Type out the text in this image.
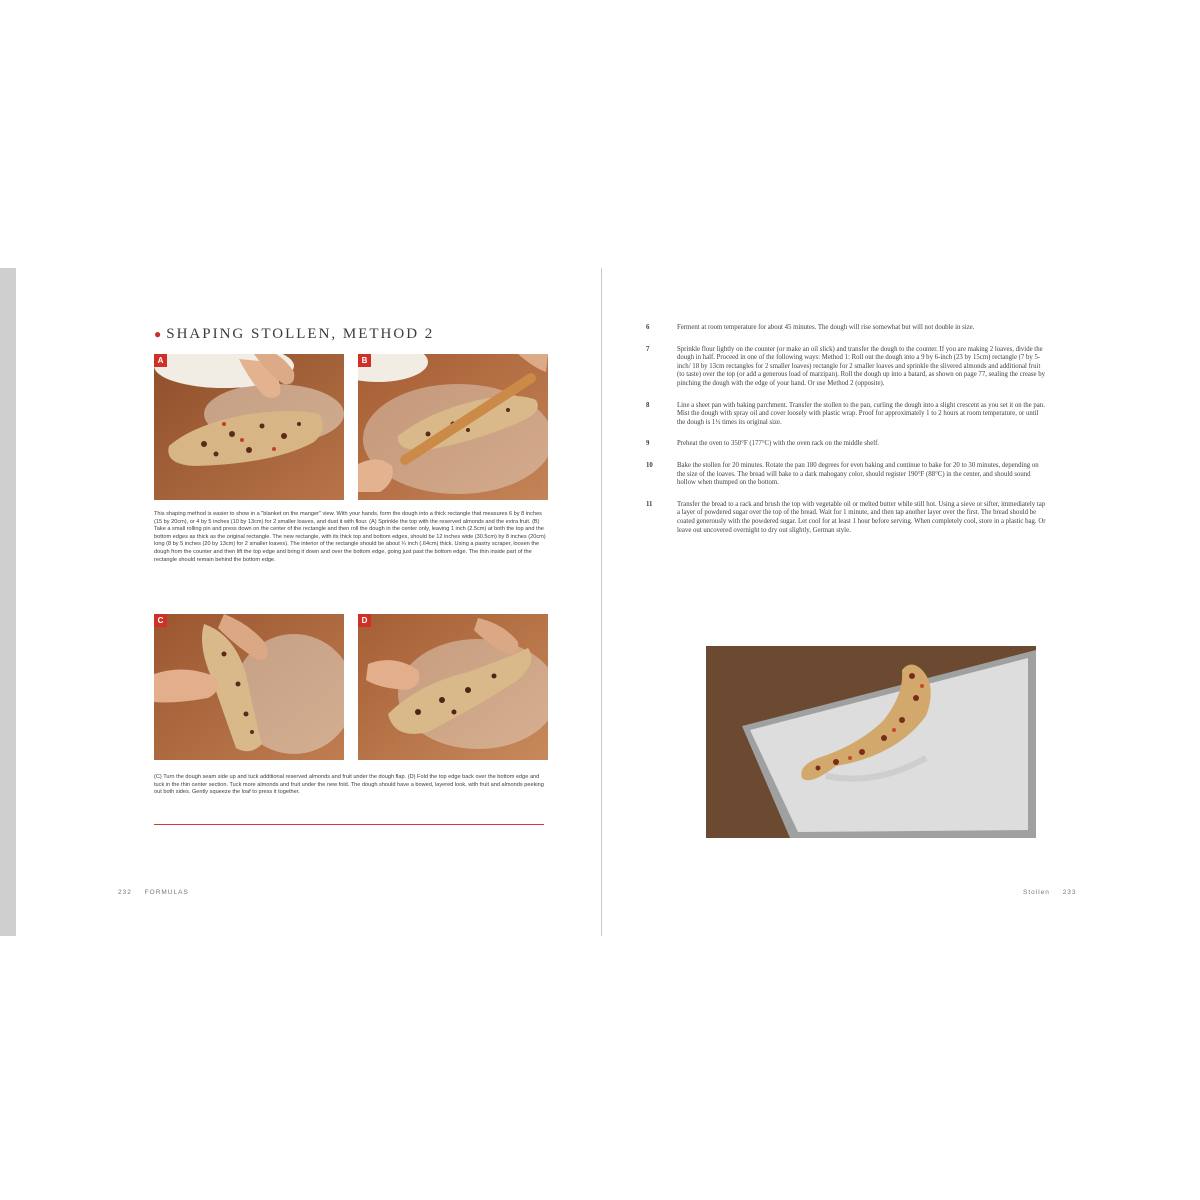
● SHAPING STOLLEN, METHOD 2
A	B

This shaping method is easier to show in a "blanket on the manger" view. With your hands, form the dough into a thick rectangle that measures 6 by 8 inches (15 by 20cm), or 4 by 5 inches (10 by 13cm) for 2 smaller loaves, and dust it with flour. (A) Sprinkle the top with the reserved almonds and the extra fruit. (B) Take a small rolling pin and press down on the center of the rectangle and then roll the dough in the center only, leaving 1 inch (2.5cm) at both the top and the bottom edges as thick as the original rectangle. The new rectangle, with its thick top and bottom edges, should be 12 inches wide (30.5cm) by 8 inches (20cm) long (8 by 5 inches (20 by 13cm) for 2 smaller loaves). The interior of the rectangle should be about ¼ inch (.64cm) thick. Using a pastry scraper, loosen the dough from the counter and then lift the top edge and bring it down and over the bottom edge, going just past the bottom edge. The thin inside part of the rectangle should remain behind the bottom edge.

C	D

(C) Turn the dough seam side up and tuck additional reserved almonds and fruit under the dough flap. (D) Fold the top edge back over the bottom edge and tuck in the thin center section. Tuck more almonds and fruit under the new fold. The dough should have a bowed, layered look, with fruit and almonds peeking out both sides. Gently squeeze the loaf to press it together.

232 FORMULAS
6	Ferment at room temperature for about 45 minutes. The dough will rise somewhat but will not double in size.
7	Sprinkle flour lightly on the counter (or make an oil slick) and transfer the dough to the counter. If you are making 2 loaves, divide the dough in half. Proceed in one of the following ways: Method 1: Roll out the dough into a 9 by 6-inch (23 by 15cm) rectangle (7 by 5-inch/ 18 by 13cm rectangles for 2 smaller loaves) rectangle for 2 smaller loaves and sprinkle the slivered almonds and additional fruit (to taste) over the top (or add a generous load of marzipan). Roll the dough up into a batard, as shown on page 77, sealing the crease by pinching the dough with the edge of your hand. Or use Method 2 (opposite).
8	Line a sheet pan with baking parchment. Transfer the stollen to the pan, curling the dough into a slight crescent as you set it on the pan. Mist the dough with spray oil and cover loosely with plastic wrap. Proof for approximately 1 to 2 hours at room temperature, or until the dough is 1½ times its original size.
9	Preheat the oven to 350°F (177°C) with the oven rack on the middle shelf.
10	Bake the stollen for 20 minutes. Rotate the pan 180 degrees for even baking and continue to bake for 20 to 30 minutes, depending on the size of the loaves. The bread will bake to a dark mahogany color, should register 190°F (88°C) in the center, and should sound hollow when thumped on the bottom.
11	Transfer the bread to a rack and brush the top with vegetable oil or melted butter while still hot. Using a sieve or sifter, immediately tap a layer of powdered sugar over the top of the bread. Wait for 1 minute, and then tap another layer over the first. The bread should be coated generously with the powdered sugar. Let cool for at least 1 hour before serving. When completely cool, store in a plastic bag. Or leave out uncovered overnight to dry out slightly, German style.
Stollen 233
